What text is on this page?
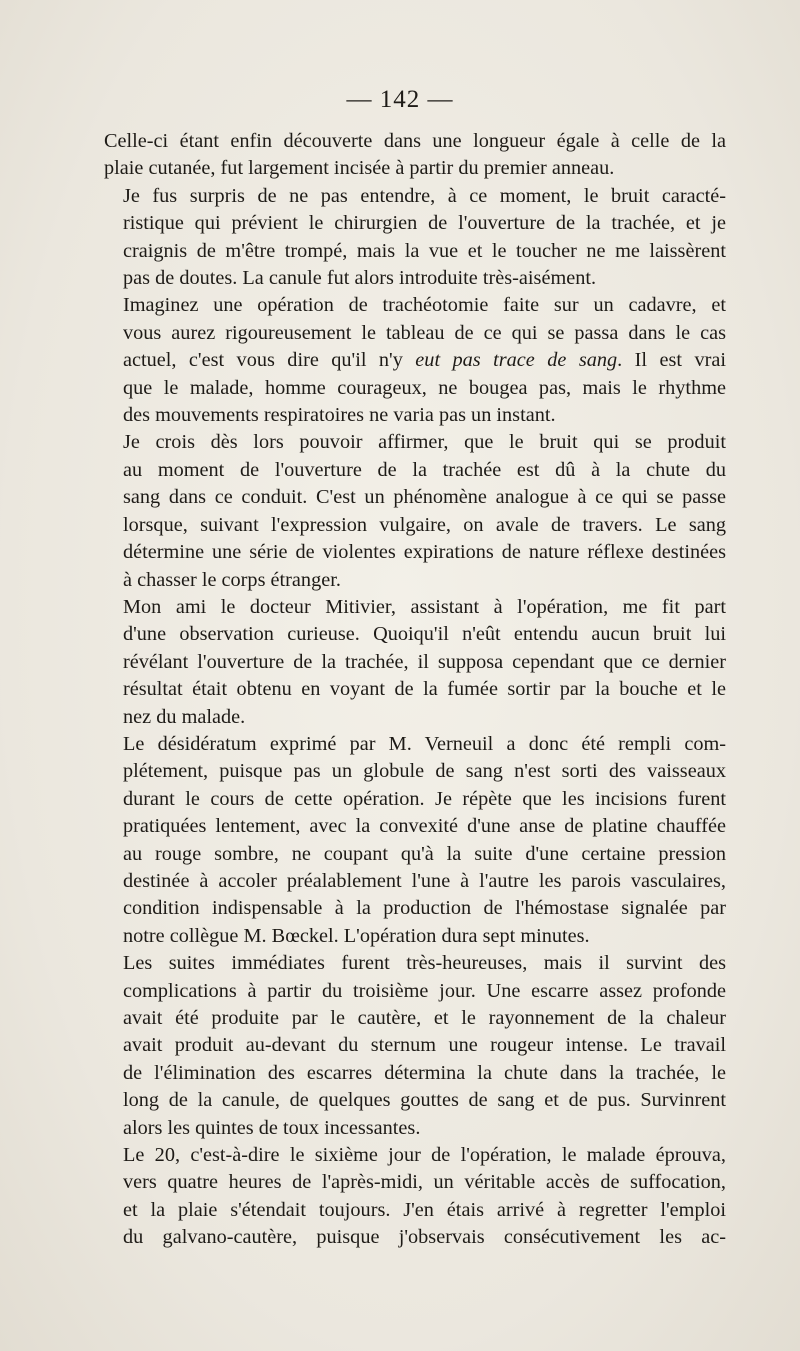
— 142 —

Celle-ci étant enfin découverte dans une longueur égale à celle de la
plaie cutanée, fut largement incisée à partir du premier anneau.

Je fus surpris de ne pas entendre, à ce moment, le bruit caracté-
ristique qui prévient le chirurgien de l'ouverture de la trachée, et je
craignis de m'être trompé, mais la vue et le toucher ne me laissèrent
pas de doutes. La canule fut alors introduite très-aisément.

Imaginez une opération de trachéotomie faite sur un cadavre, et
vous aurez rigoureusement le tableau de ce qui se passa dans le cas
actuel, c'est vous dire qu'il n'y eut pas trace de sang. Il est vrai
que le malade, homme courageux, ne bougea pas, mais le rhythme
des mouvements respiratoires ne varia pas un instant.

Je crois dès lors pouvoir affirmer, que le bruit qui se produit
au moment de l'ouverture de la trachée est dû à la chute du
sang dans ce conduit. C'est un phénomène analogue à ce qui se passe
lorsque, suivant l'expression vulgaire, on avale de travers. Le sang
détermine une série de violentes expirations de nature réflexe destinées
à chasser le corps étranger.

Mon ami le docteur Mitivier, assistant à l'opération, me fit part
d'une observation curieuse. Quoiqu'il n'eût entendu aucun bruit lui
révélant l'ouverture de la trachée, il supposa cependant que ce dernier
résultat était obtenu en voyant de la fumée sortir par la bouche et le
nez du malade.

Le désidératum exprimé par M. Verneuil a donc été rempli com-
plétement, puisque pas un globule de sang n'est sorti des vaisseaux
durant le cours de cette opération. Je répète que les incisions furent
pratiquées lentement, avec la convexité d'une anse de platine chauffée
au rouge sombre, ne coupant qu'à la suite d'une certaine pression
destinée à accoler préalablement l'une à l'autre les parois vasculaires,
condition indispensable à la production de l'hémostase signalée par
notre collègue M. Bœckel. L'opération dura sept minutes.

Les suites immédiates furent très-heureuses, mais il survint des
complications à partir du troisième jour. Une escarre assez profonde
avait été produite par le cautère, et le rayonnement de la chaleur
avait produit au-devant du sternum une rougeur intense. Le travail
de l'élimination des escarres détermina la chute dans la trachée, le
long de la canule, de quelques gouttes de sang et de pus. Survinrent
alors les quintes de toux incessantes.

Le 20, c'est-à-dire le sixième jour de l'opération, le malade éprouva,
vers quatre heures de l'après-midi, un véritable accès de suffocation,
et la plaie s'étendait toujours. J'en étais arrivé à regretter l'emploi
du galvano-cautère, puisque j'observais consécutivement les ac-
